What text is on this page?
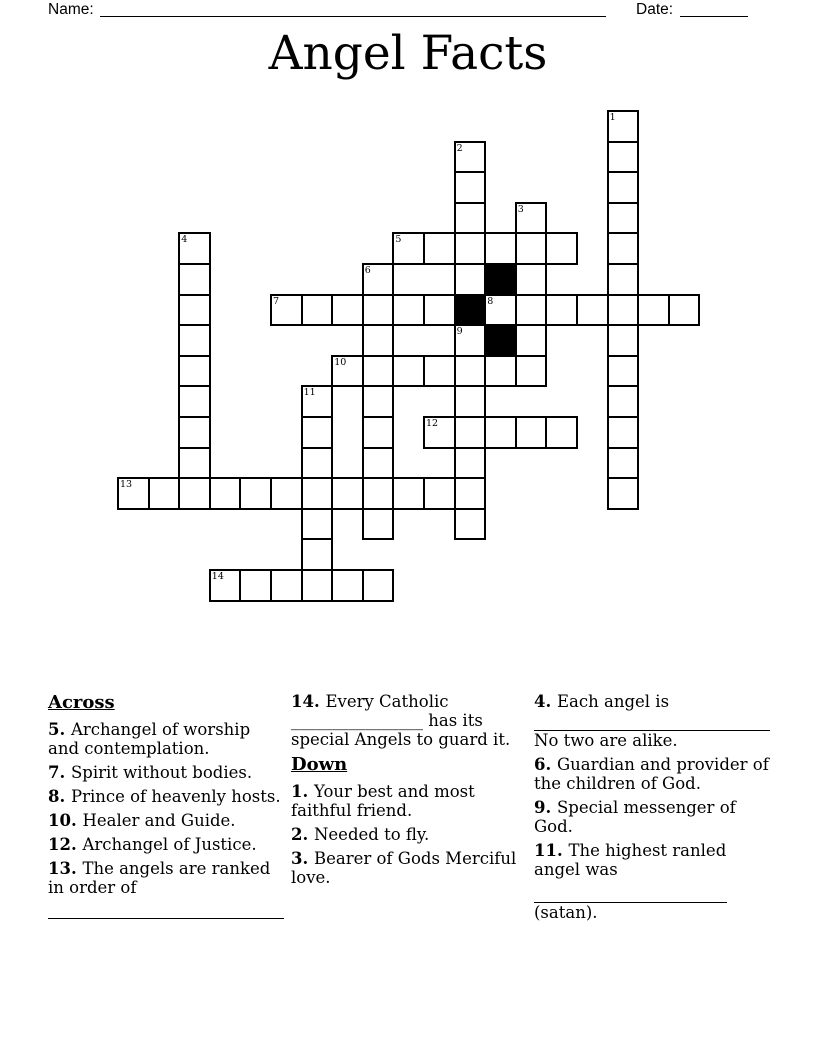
Name:	Date:
Angel Facts
1
2
3
4	5
6
7	8
9
10
11
12
13
14
Across
5. Archangel of worship and contemplation.
7. Spirit without bodies.
8. Prince of heavenly hosts.
10. Healer and Guide.
12. Archangel of Justice.
13. The angels are ranked in order of
14. Every Catholic ________________ has its special Angels to guard it.
Down
1. Your best and most faithful friend.
2. Needed to fly.
3. Bearer of Gods Merciful love.
4. Each angel is
No two are alike.
6. Guardian and provider of the children of God.
9. Special messenger of God.
11. The highest ranled angel was
(satan).
